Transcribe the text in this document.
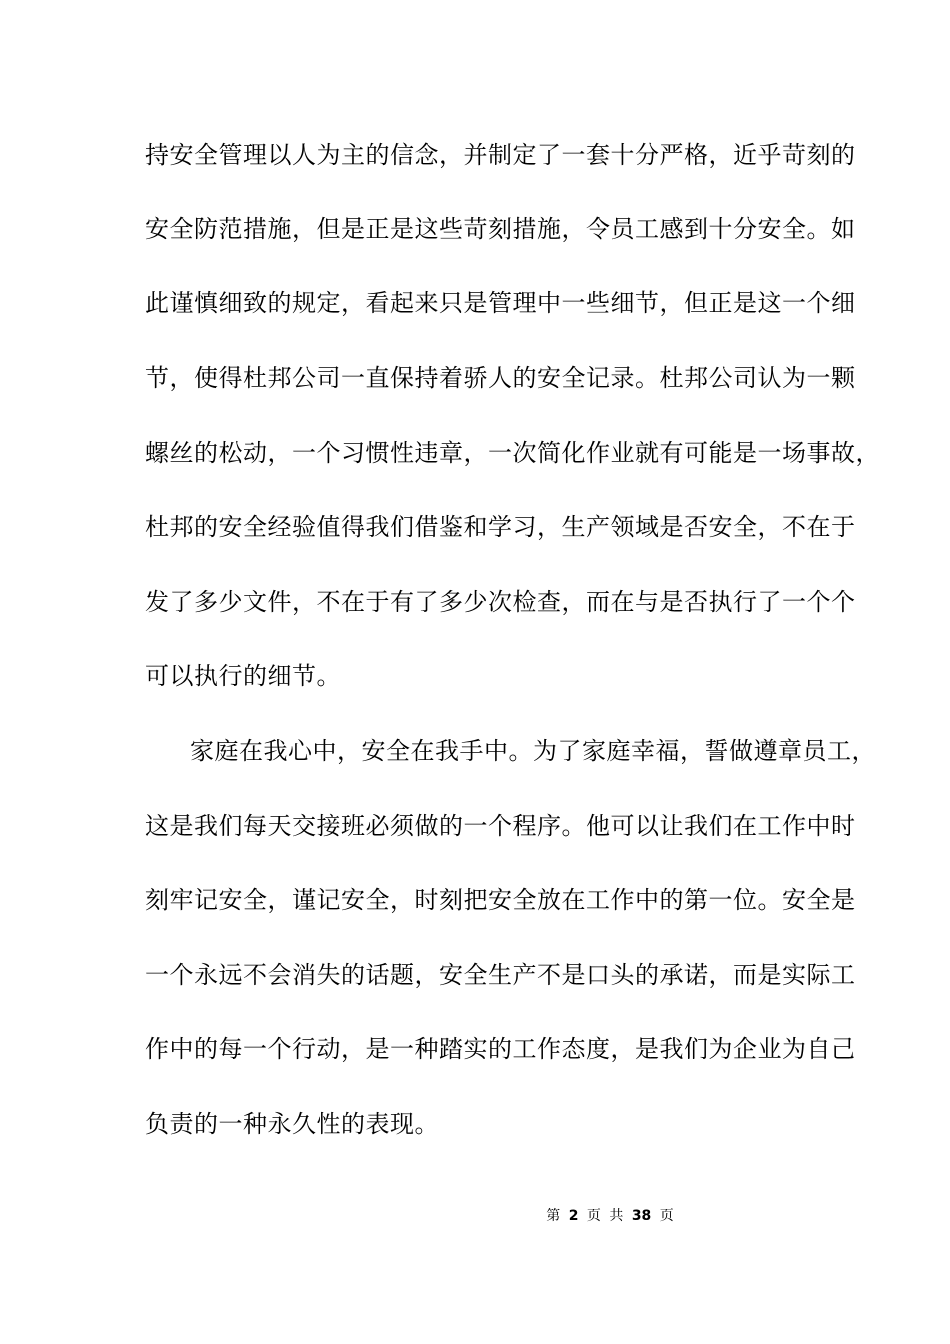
持安全管理以人为主的信念，并制定了一套十分严格，近乎苛刻的
安全防范措施，但是正是这些苛刻措施，令员工感到十分安全。如
此谨慎细致的规定，看起来只是管理中一些细节，但正是这一个细
节，使得杜邦公司一直保持着骄人的安全记录。杜邦公司认为一颗
螺丝的松动，一个习惯性违章，一次简化作业就有可能是一场事故，
杜邦的安全经验值得我们借鉴和学习，生产领域是否安全，不在于
发了多少文件，不在于有了多少次检查，而在与是否执行了一个个
可以执行的细节。
家庭在我心中，安全在我手中。为了家庭幸福，誓做遵章员工，
这是我们每天交接班必须做的一个程序。他可以让我们在工作中时
刻牢记安全，谨记安全，时刻把安全放在工作中的第一位。安全是
一个永远不会消失的话题，安全生产不是口头的承诺，而是实际工
作中的每一个行动，是一种踏实的工作态度，是我们为企业为自己
负责的一种永久性的表现。
第 2 页 共 38 页
